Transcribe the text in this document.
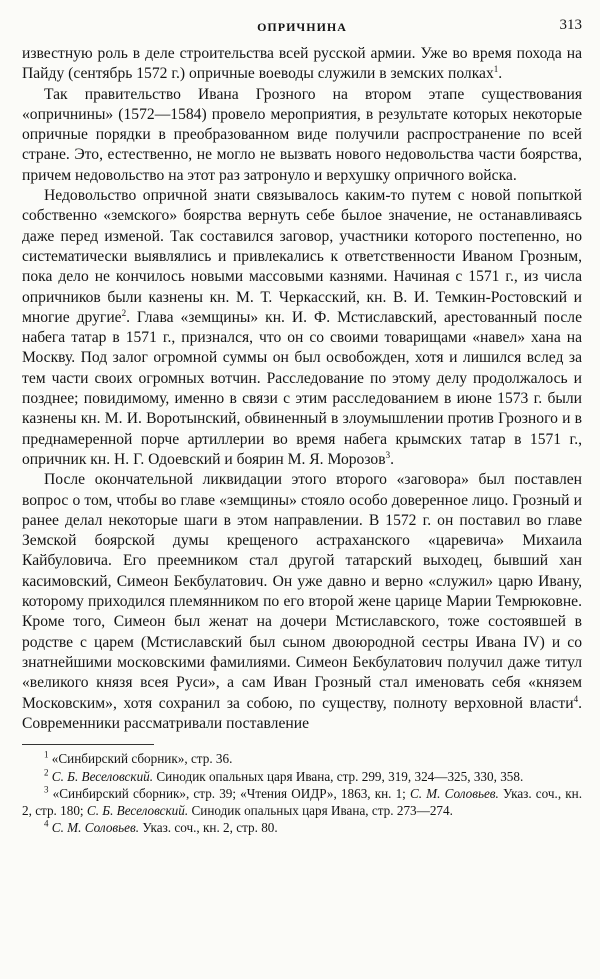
ОПРИЧНИНА	313

известную роль в деле строительства всей русской армии. Уже во время похода на Пайду (сентябрь 1572 г.) опричные воеводы служили в земских полках$^1$.

Так правительство Ивана Грозного на втором этапе существования «опричнины» (1572—1584) провело мероприятия, в результате которых некоторые опричные порядки в преобразованном виде получили распространение по всей стране. Это, естественно, не могло не вызвать нового недовольства части боярства, причем недовольство на этот раз затронуло и верхушку опричного войска.

Недовольство опричной знати связывалось каким-то путем с новой попыткой собственно «земского» боярства вернуть себе былое значение, не останавливаясь даже перед изменой. Так составился заговор, участники которого постепенно, но систематически выявлялись и привлекались к ответственности Иваном Грозным, пока дело не кончилось новыми массовыми казнями. Начиная с 1571 г., из числа опричников были казнены кн. М. Т. Черкасский, кн. В. И. Темкин-Ростовский и многие другие$^2$. Глава «земщины» кн. И. Ф. Мстиславский, арестованный после набега татар в 1571 г., признался, что он со своими товарищами «навел» хана на Москву. Под залог огромной суммы он был освобожден, хотя и лишился вслед за тем части своих огромных вотчин. Расследование по этому делу продолжалось и позднее; повидимому, именно в связи с этим расследованием в июне 1573 г. были казнены кн. М. И. Воротынский, обвиненный в злоумышлении против Грозного и в преднамеренной порче артиллерии во время набега крымских татар в 1571 г., опричник кн. Н. Г. Одоевский и боярин М. Я. Морозов$^3$.

После окончательной ликвидации этого второго «заговора» был поставлен вопрос о том, чтобы во главе «земщины» стояло особо доверенное лицо. Грозный и ранее делал некоторые шаги в этом направлении. В 1572 г. он поставил во главе Земской боярской думы крещеного астраханского «царевича» Михаила Кайбуловича. Его преемником стал другой татарский выходец, бывший хан касимовский, Симеон Бекбулатович. Он уже давно и верно «служил» царю Ивану, которому приходился племянником по его второй жене царице Марии Темрюковне. Кроме того, Симеон был женат на дочери Мстиславского, тоже состоявшей в родстве с царем (Мстиславский был сыном двоюродной сестры Ивана IV) и со знатнейшими московскими фамилиями. Симеон Бекбулатович получил даже титул «великого князя всея Руси», а сам Иван Грозный стал именовать себя «князем Московским», хотя сохранил за собою, по существу, полноту верховной власти$^4$. Современники рассматривали поставление

$^1$ «Синбирский сборник», стр. 36.

$^2$ С. Б. Веселовский. Синодик опальных царя Ивана, стр. 299, 319, 324—325, 330, 358.

$^3$ «Синбирский сборник», стр. 39; «Чтения ОИДР», 1863, кн. 1; С. М. Соловьев. Указ. соч., кн. 2, стр. 180; С. Б. Веселовский. Синодик опальных царя Ивана, стр. 273—274.

$^4$ С. М. Соловьев. Указ. соч., кн. 2, стр. 80.
